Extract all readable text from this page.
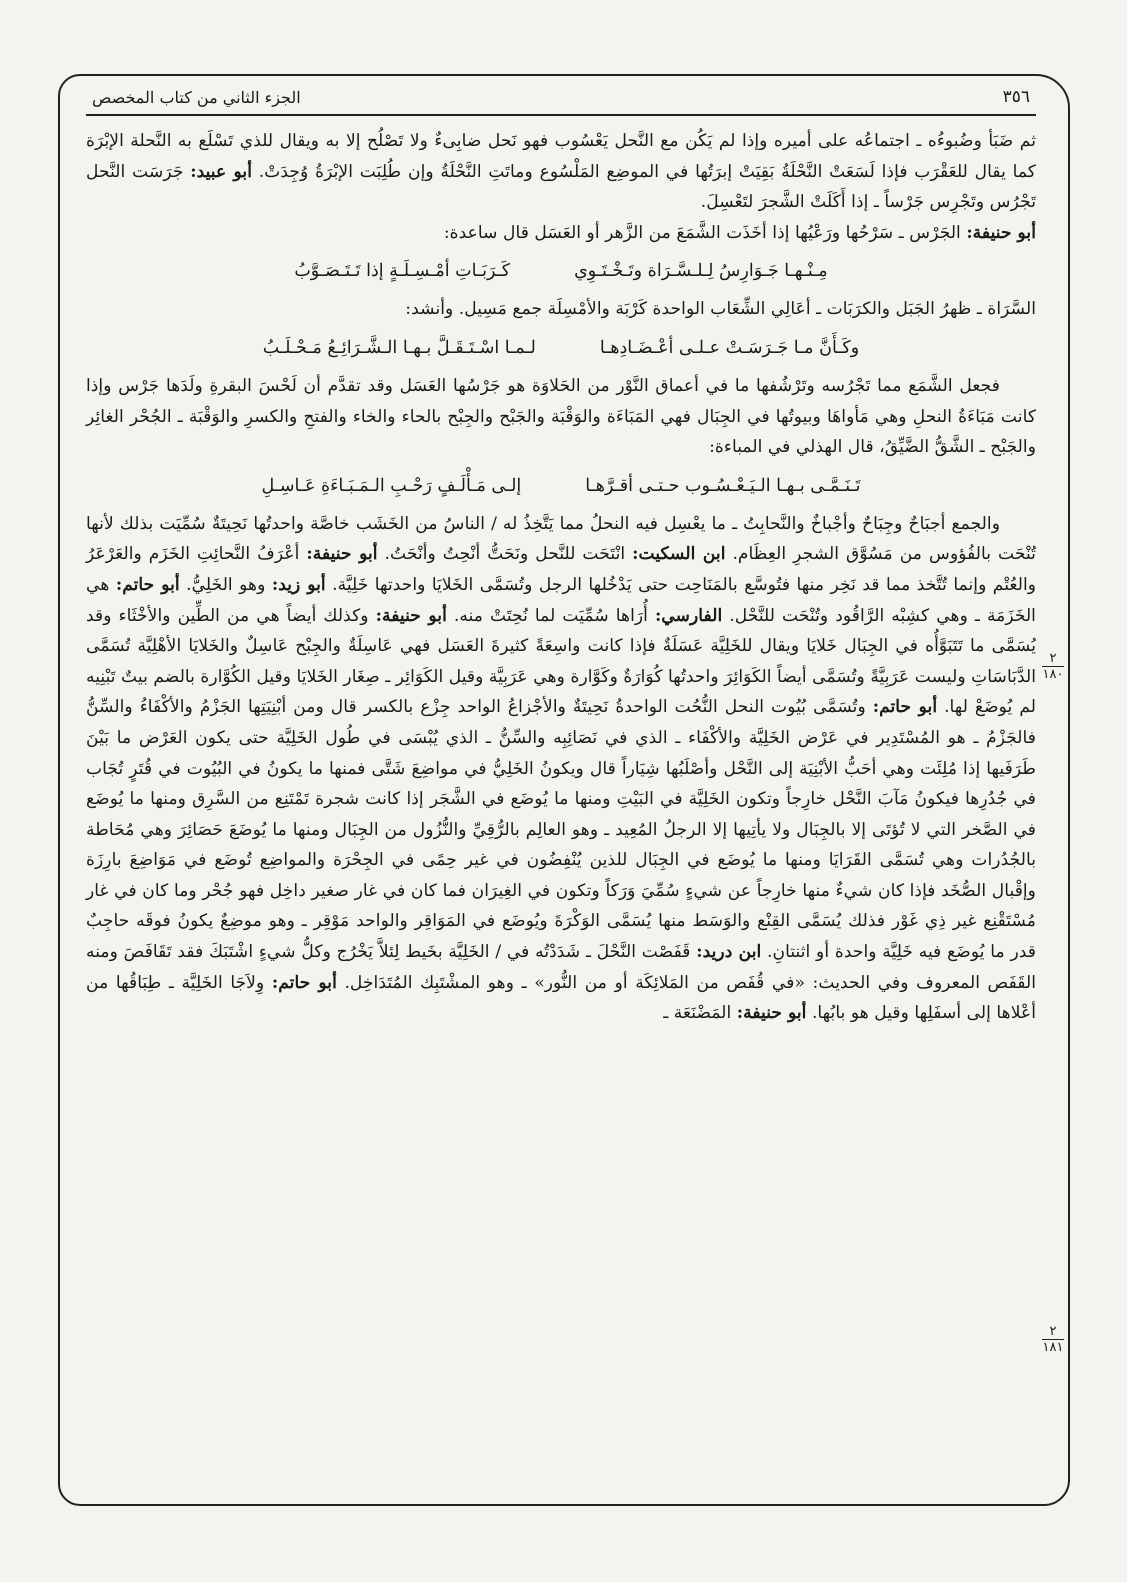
٣٥٦
الجزء الثاني من كتاب المخصص

ثم ضَبَأ وضُبوءُه ـ اجتماعُه على أميره وإذا لم يَكُن مع النَّحل يَعْسُوب فهو نَحل ضابِىءٌ ولا تَصْلُح إلا به ويقال للذي تَسْلَع به النَّحلة الإبْرَة كما يقال للعَقْرَب فإذا لَسَعَتْ النَّحْلَةُ بَقِيَتْ إبرَتُها في الموضِع المَلْسُوع وماتَتِ النَّحْلَةُ وإن طُلِبَت الإبْرَةُ وُجِدَتْ. أبو عبيد: جَرَسَت النَّحل تَجْرُس وتَجْرِس جَرْساً ـ إذا أَكَلَتْ الشَّجرَ لتَعْسِلَ.
أبو حنيفة: الجَرْس ـ سَرْحُها ورَعْيُها إذا أخَذَت الشَّمَعَ من الزَّهر أو العَسَل قال ساعدة:

مِـنْـهـا جَـوَارِسُ لِـلـسَّـرَاة وتَـخْـتَـوِي
كَـرَبَـاتِ أمْـسِـلَـةٍ إذا تَـتَـصَـوَّبُ

السَّرَاة ـ ظهرُ الجَبَل والكرَبَات ـ أعَالِي الشِّعَاب الواحدة كَرْبَة والأمْسِلَة جمع مَسِيل. وأنشد:

وكَـأَنَّ مـا جَـرَسَـتْ عـلـى أعْـضَـادِهـا
لـمـا اسْـتَـقَـلَّ بـهـا الـشَّـرَائِـعُ مَـحْـلَـبُ

فجعل الشَّمَع مما تَجْرُسه وتَرْشُفها ما في أعماق النَّوْر من الحَلاوَة هو جَرْسُها العَسَل وقد تقدَّم أن لَحْسَ البقرةِ ولَدَها جَرْس وإذا كانت مَبَاءَةُ النحلِ وهي مَأواهَا وبيوتُها في الجِبَال فهي المَبَاءَة والوَقْبَة والجَبْح والجِبْح بالحاء والخاء والفتحِ والكسرِ والوَقْبَة ـ الجُحْر الغائِر والجَبْح ـ الشَّقُّ الضَّيِّقُ، قال الهذلي في المباءة:

تَـنَـمَّـى بـهـا الـيَـعْـسُـوب حـتـى أقـرَّهـا
إلـى مَـأْلَـفٍ رَحْـبِ الـمَـبَـاءَةِ عَـاسِـلِ

والجمع أجبَاحٌ وجِبَاحٌ وأجْباخٌ والنَّحابِتُ ـ ما يعْسِل فيه النحلُ مما يَتَّخِذُ له / الناسُ من الخَشَب خاصَّة واحدتُها نَحِيتَةٌ سُمِّيَت بذلك لأنها تُنْحَت بالفُؤوس من مَسُوَّق الشجرِ العِظَام. ابن السكيت: انْتَحَت للنَّحل ونَحَتُّ أنْحِتُ وأنْحَتُ. أبو حنيفة: أعْرَفُ النَّحائِتِ الخَزَم والعَرْعَرُ والعُتْم وإنما تُتَّخذ مما قد نَخِر منها فتُوسَّع بالمَنَاحِت حتى يَدْخُلها الرجل وتُسَمَّى الخَلايَا واحدتها خَلِيَّة. أبو زيد: وهو الخَلِيُّ. أبو حاتم: هي الخَزَمَة ـ وهي كشِبْه الرَّاقُود وتُنْحَت للنَّحْل. الفارسي: أُرَاها سُمِّيَت لما نُحِتَتْ منه. أبو حنيفة: وكذلك أيضاً هي من الطِّين والأخْثَاء وقد يُسَمَّى ما تَتَبَوَّأُه في الجِبَال خَلايَا ويقال للخَلِيَّة عَسَلَةٌ فإذا كانت واسِعَةً كثيرةَ العَسَل فهي عَاسِلَةٌ والجِبْح عَاسِلٌ والخَلايَا الأهْلِيَّة تُسَمَّى الدَّبَاسَاتِ وليست عَرَبِيَّةً وتُسَمَّى أيضاً الكَوَائِرَ واحدتُها كُوَارَةٌ وكَوَّارة وهي عَرَبِيَّة وقيل الكَوَائِر ـ صِغَار الخَلايَا وقيل الكُوَّارة بالضم بيتٌ تَبْنِيه لم يُوضَعْ لها. أبو حاتم: وتُسَمَّى بُيُوت النحل النُّحُت الواحدةُ نَحِيتَةٌ والأجْزاعُ الواحد جِزْع بالكسر قال ومن أبْنِيَتِها الجَزْمُ والأكْفَاءُ والسِّنُّ فالجَزْمُ ـ هو المُسْتَدِير في عَرْض الخَلِيَّة والأكْفَاء ـ الذي في نَصَائِبِه والسِّنُّ ـ الذي يُبْسَى في طُول الخَلِيَّة حتى يكون العَرْض ما بَيْنَ طَرَفَيها إذا مُلِئَت وهي أحَبُّ الأبْنِيَة إلى النَّحْل وأصْلَبُها شِيَاراً قال ويكونُ الخَلِيُّ في مواضِعَ شَتَّى فمنها ما يكونُ في البُيُوت في قُتَرٍ تُجَاب في جُدُرِها فيكونُ مَآبَ النَّحْل خارِجاً وتكون الخَلِيَّة في البَيْتِ ومنها ما يُوضَع في الشَّجَر إذا كانت شجرة تَمْتَنِع من السَّرِق ومنها ما يُوضَع في الصَّخر التي لا تُؤتَى إلا بالجِبَال ولا يأتِيها إلا الرجلُ المُعِيد ـ وهو العالِم بالرُّقِيِّ والنُّزُول من الجِبَال ومنها ما يُوضَعَ حَصَائِرَ وهي مُحَاطة بالجُدُرات وهي تُسَمَّى القَرَايَا ومنها ما يُوضَع في الجِبَال للذين يُنْفِضُون في غير حِمًى في الجِحْرَة والمواضِع تُوضَع في مَوَاضِعَ بارِزَة وإقْبال الصُّخَد فإذا كان شيءٌ منها خارِجاً عن شيءٍ سُمِّيَ وَرَكاً وتكون في الغِيرَان فما كان في غار صغير داخِل فهو جُحْر وما كان في غار مُسْتَقْنِع غير ذِي غَوْر فذلك يُسَمَّى القِنْع والوَسَط منها يُسَمَّى الوَكْرَةَ ويُوضَع في المَوَاقِر والواحد مَوْقِر ـ وهو موضِعٌ يكونُ فوقَه حاجِبٌ قدر ما يُوضَع فيه خَلِيَّة واحدة أو اثنتانِ. ابن دريد: قَفَصْت النَّحْلَ ـ شَدَدْتُه في / الخَلِيَّة بخَيط لِئلاَّ يَخْرُج وكلُّ شيءٍ اشْتَبَكَ فقد تَقَافَصَ ومنه القَفَص المعروف وفي الحديث: «في قُفَص من المَلائِكَة أو من النُّور» ـ وهو المشْتَبِك المُتَدَاخِل. أبو حاتم: وِلاَجَا الخَلِيَّة ـ طِبَاقُها من أعْلاها إلى أسفَلِها وقيل هو بابُها. أبو حنيفة: المَضْنَعَة ـ

٢
١٨٠
٢
١٨١
